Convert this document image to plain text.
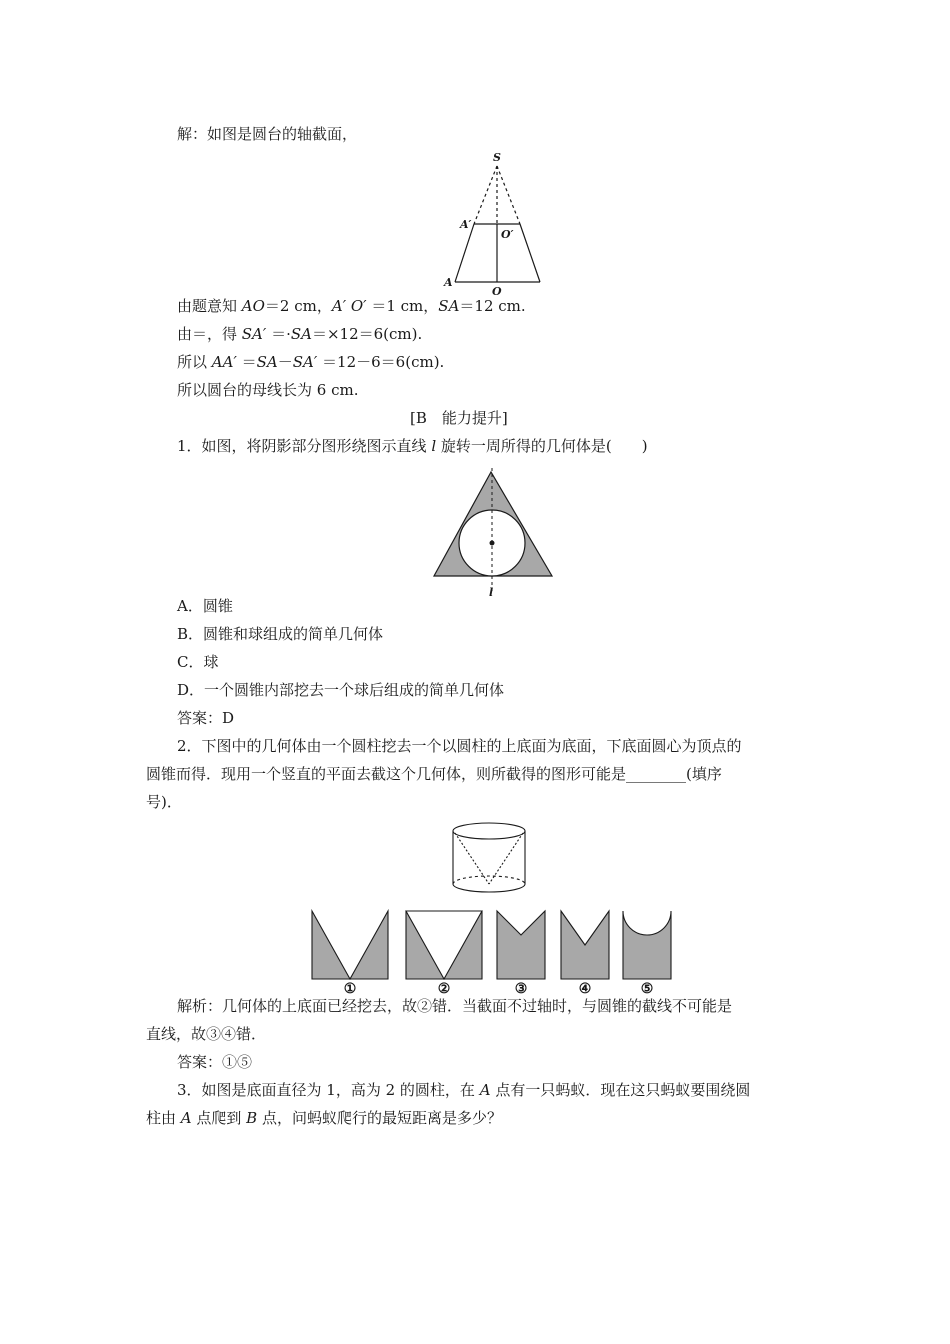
解：如图是圆台的轴截面，
S
A′
O′
A
O
由题意知 AO＝2 cm，A′ O′ ＝1 cm，SA＝12 cm.
由＝，得 SA′ ＝·SA＝×12＝6(cm).
所以 AA′ ＝SA－SA′ ＝12－6＝6(cm).
所以圆台的母线长为 6 cm.
[B　能力提升]
1．如图，将阴影部分图形绕图示直线 l 旋转一周所得的几何体是(　　)
l
A．圆锥
B．圆锥和球组成的简单几何体
C．球
D．一个圆锥内部挖去一个球后组成的简单几何体
答案：D
2．下图中的几何体由一个圆柱挖去一个以圆柱的上底面为底面，下底面圆心为顶点的
圆锥而得．现用一个竖直的平面去截这个几何体，则所截得的图形可能是________(填序
号)．
①	②	③	④	⑤
解析：几何体的上底面已经挖去，故②错．当截面不过轴时，与圆锥的截线不可能是
直线，故③④错．
答案：①⑤
3．如图是底面直径为 1，高为 2 的圆柱，在 A 点有一只蚂蚁．现在这只蚂蚁要围绕圆
柱由 A 点爬到 B 点，问蚂蚁爬行的最短距离是多少？
